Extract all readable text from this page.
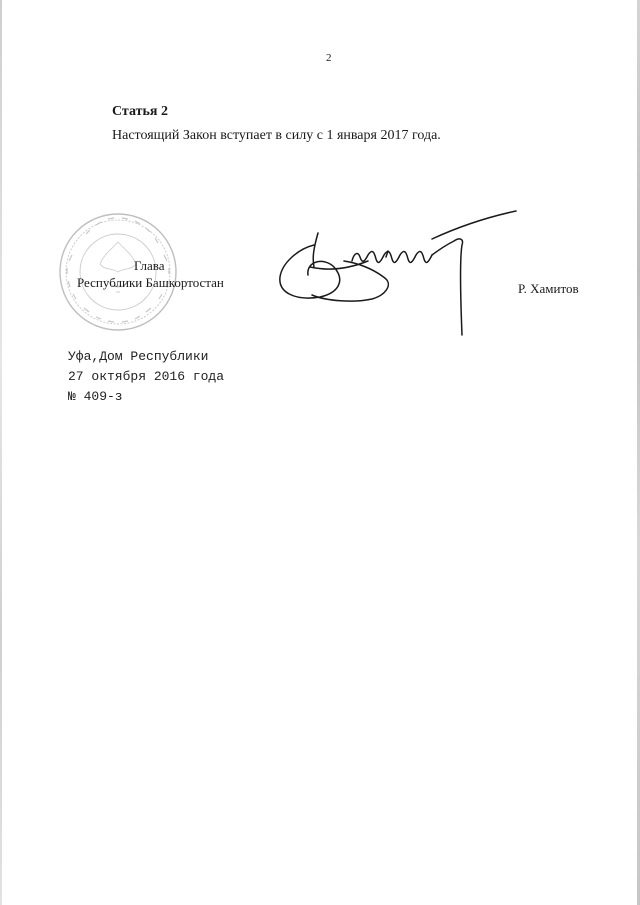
2
Статья 2
Настоящий Закон вступает в силу с 1 января 2017 года.
Глава
Республики Башкортостан	Р. Хамитов
Уфа,Дом Республики
27 октября 2016 года
№ 409-з
